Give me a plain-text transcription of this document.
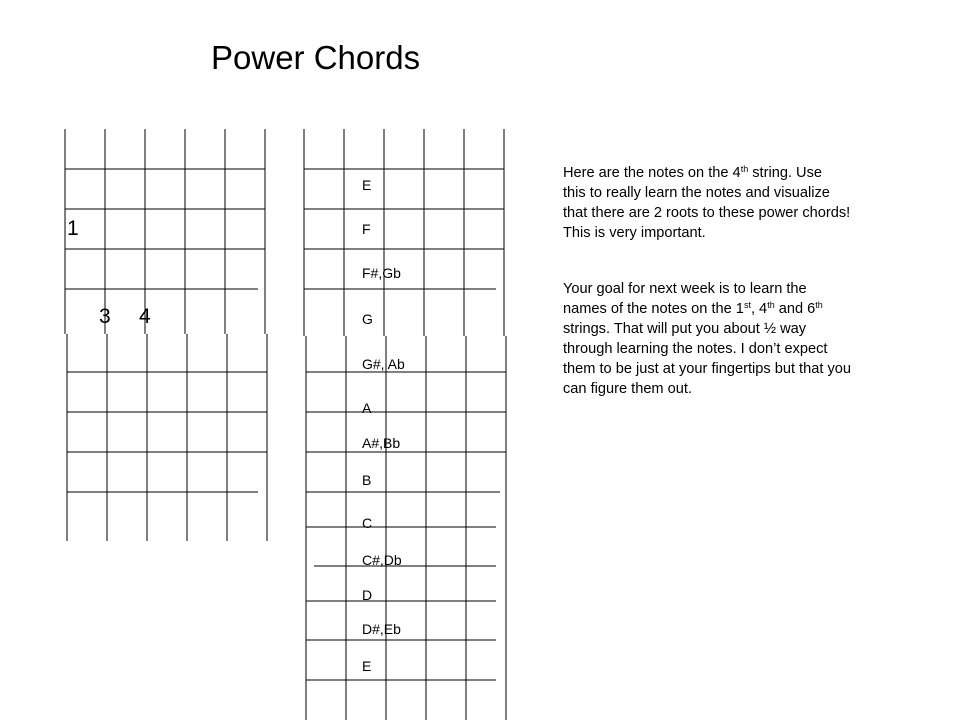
Power Chords
1
3 4
E
F
F#,Gb
G
G#, Ab
A
A#,Bb
B
C
C#,Db
D
D#,Eb
E
Here are the notes on the 4th string. Use
this to really learn the notes and visualize
that there are 2 roots to these power chords!
This is very important.
Your goal for next week is to learn the
names of the notes on the 1st, 4th and 6th
strings. That will put you about ½ way
through learning the notes. I don’t expect
them to be just at your fingertips but that you
can figure them out.
